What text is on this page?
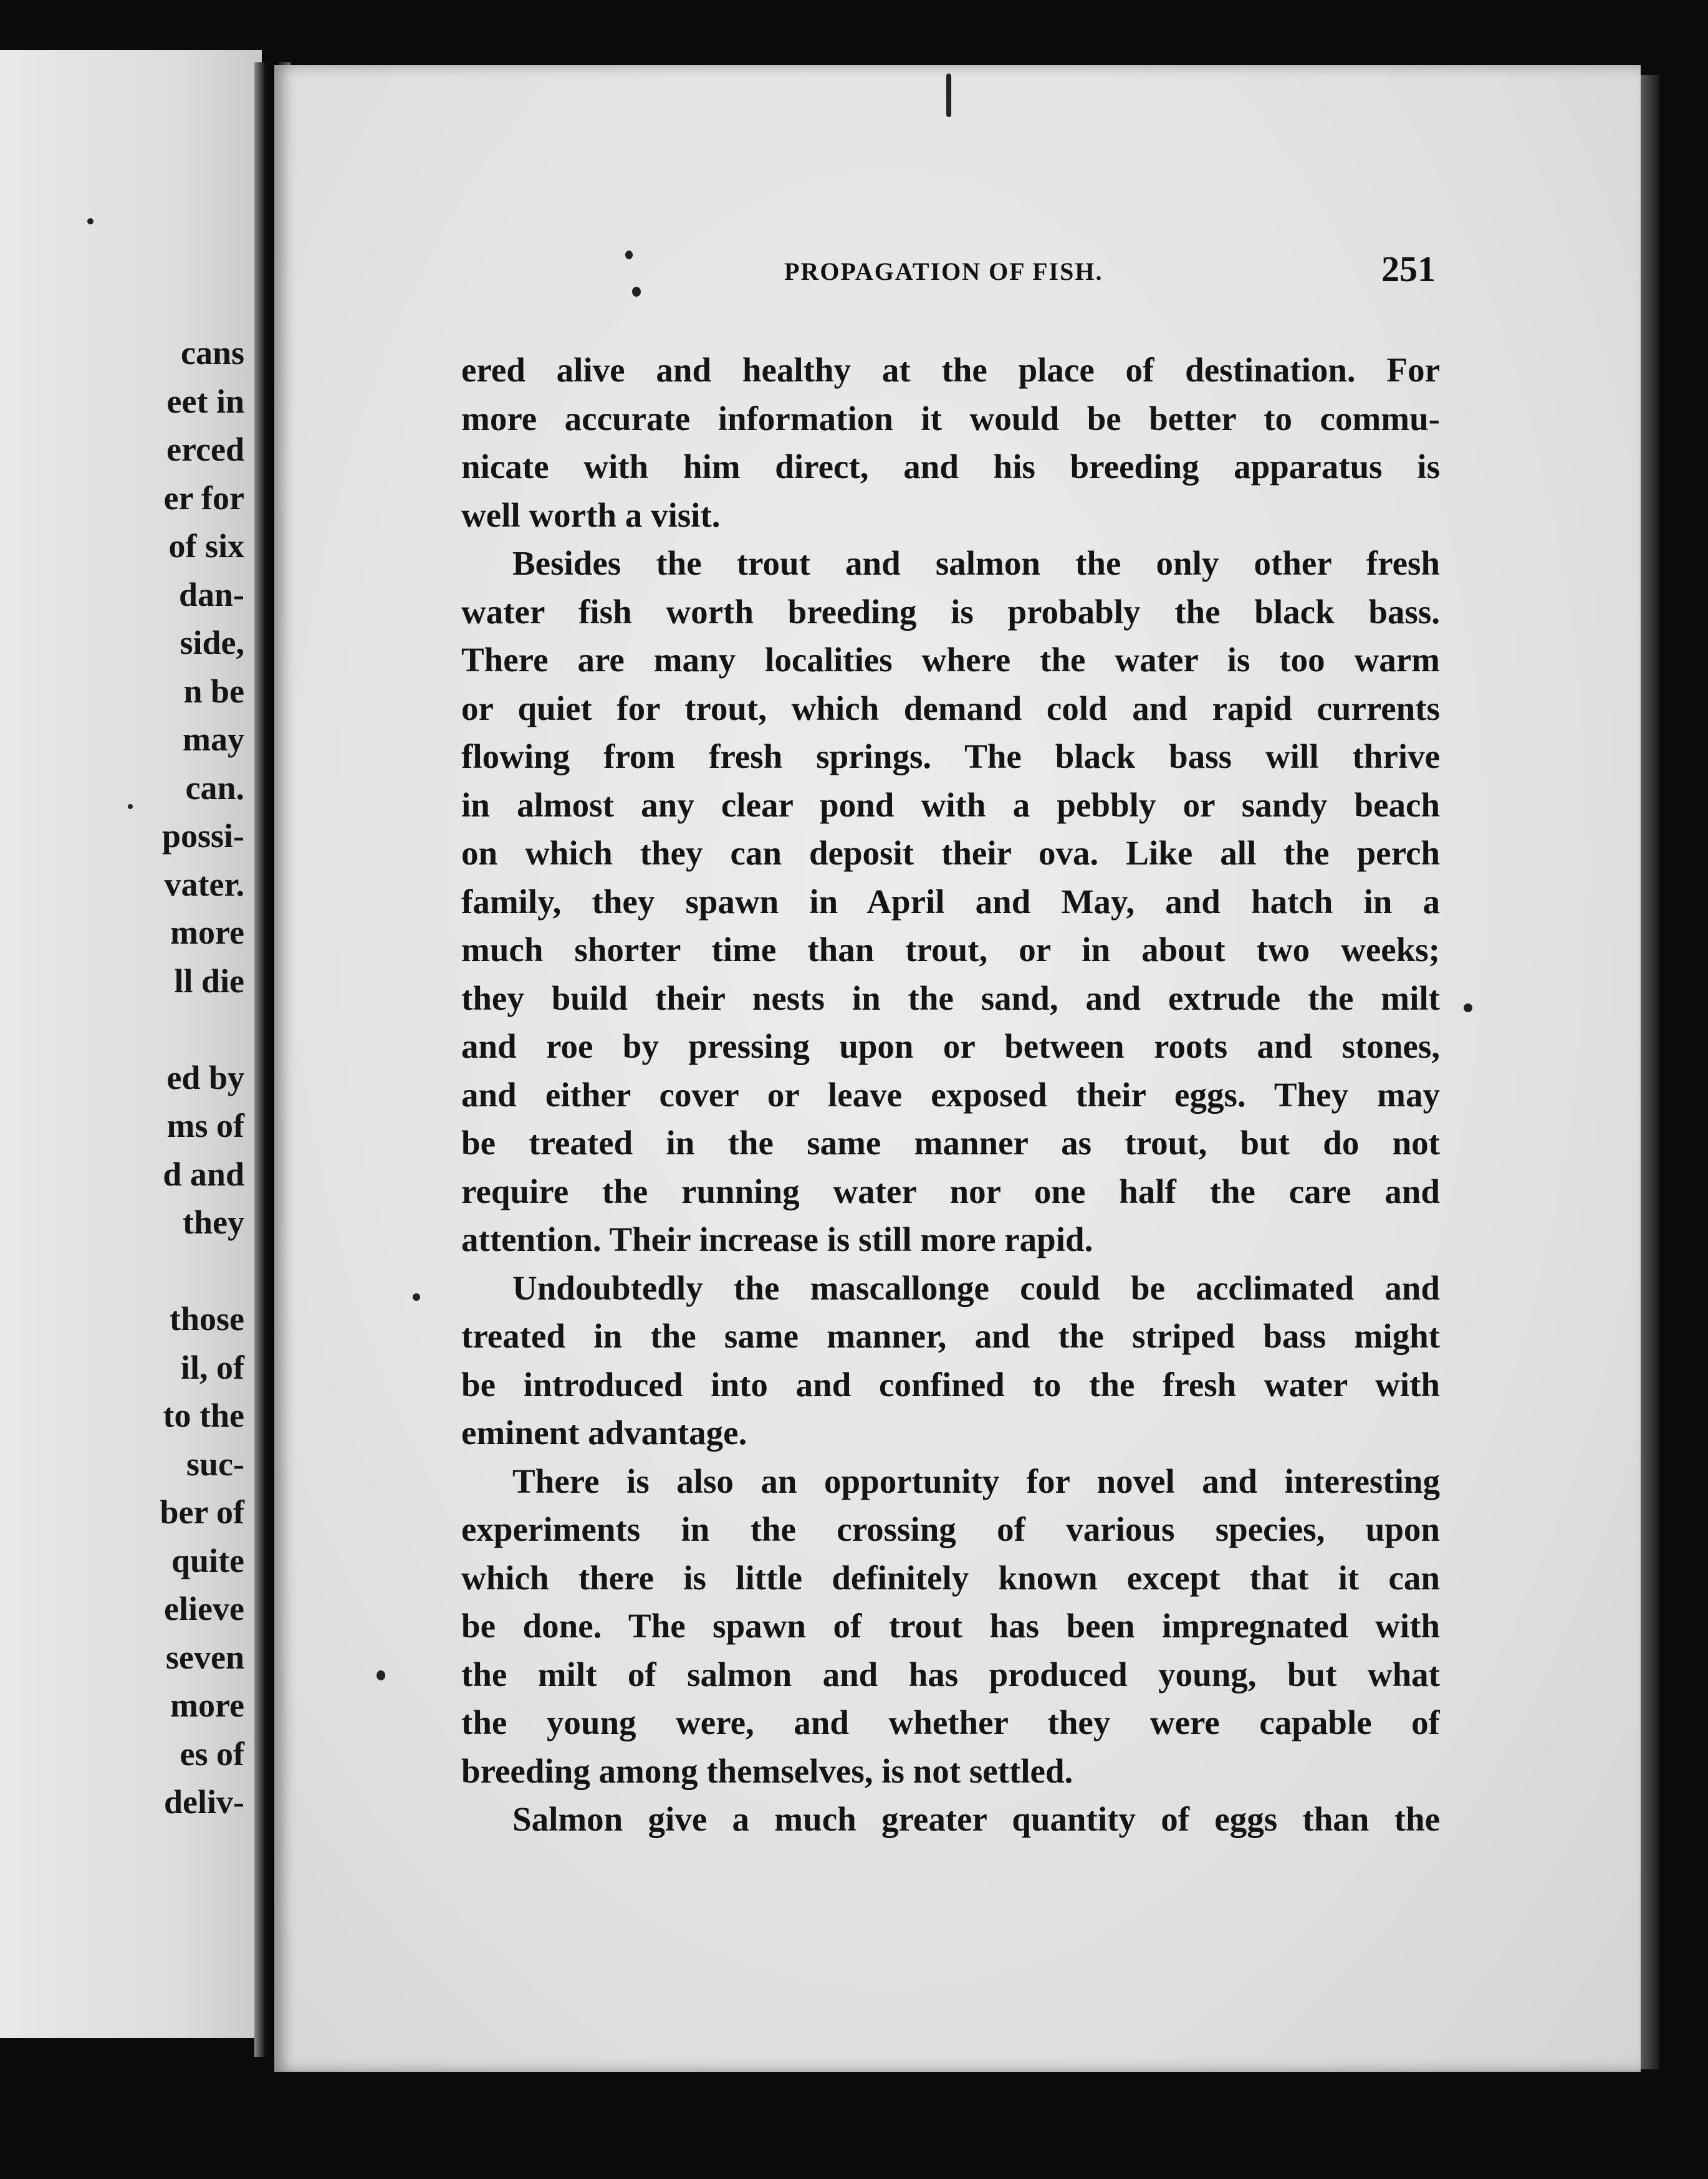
cans
eet in
erced
er for
of six
dan-
side,
n be
may
can.
possi-
vater.
more
ll die
ed by
ms of
d and
they
those
il, of
to the
suc-
ber of
quite
elieve
seven
more
es of
deliv-
PROPAGATION OF FISH.	251
ered alive and healthy at the place of destination. For
more accurate information it would be better to commu-
nicate with him direct, and his breeding apparatus is
well worth a visit.
Besides the trout and salmon the only other fresh
water fish worth breeding is probably the black bass.
There are many localities where the water is too warm
or quiet for trout, which demand cold and rapid currents
flowing from fresh springs. The black bass will thrive
in almost any clear pond with a pebbly or sandy beach
on which they can deposit their ova. Like all the perch
family, they spawn in April and May, and hatch in a
much shorter time than trout, or in about two weeks;
they build their nests in the sand, and extrude the milt
and roe by pressing upon or between roots and stones,
and either cover or leave exposed their eggs. They may
be treated in the same manner as trout, but do not
require the running water nor one half the care and
attention. Their increase is still more rapid.
Undoubtedly the mascallonge could be acclimated and
treated in the same manner, and the striped bass might
be introduced into and confined to the fresh water with
eminent advantage.
There is also an opportunity for novel and interesting
experiments in the crossing of various species, upon
which there is little definitely known except that it can
be done. The spawn of trout has been impregnated with
the milt of salmon and has produced young, but what
the young were, and whether they were capable of
breeding among themselves, is not settled.
Salmon give a much greater quantity of eggs than the
